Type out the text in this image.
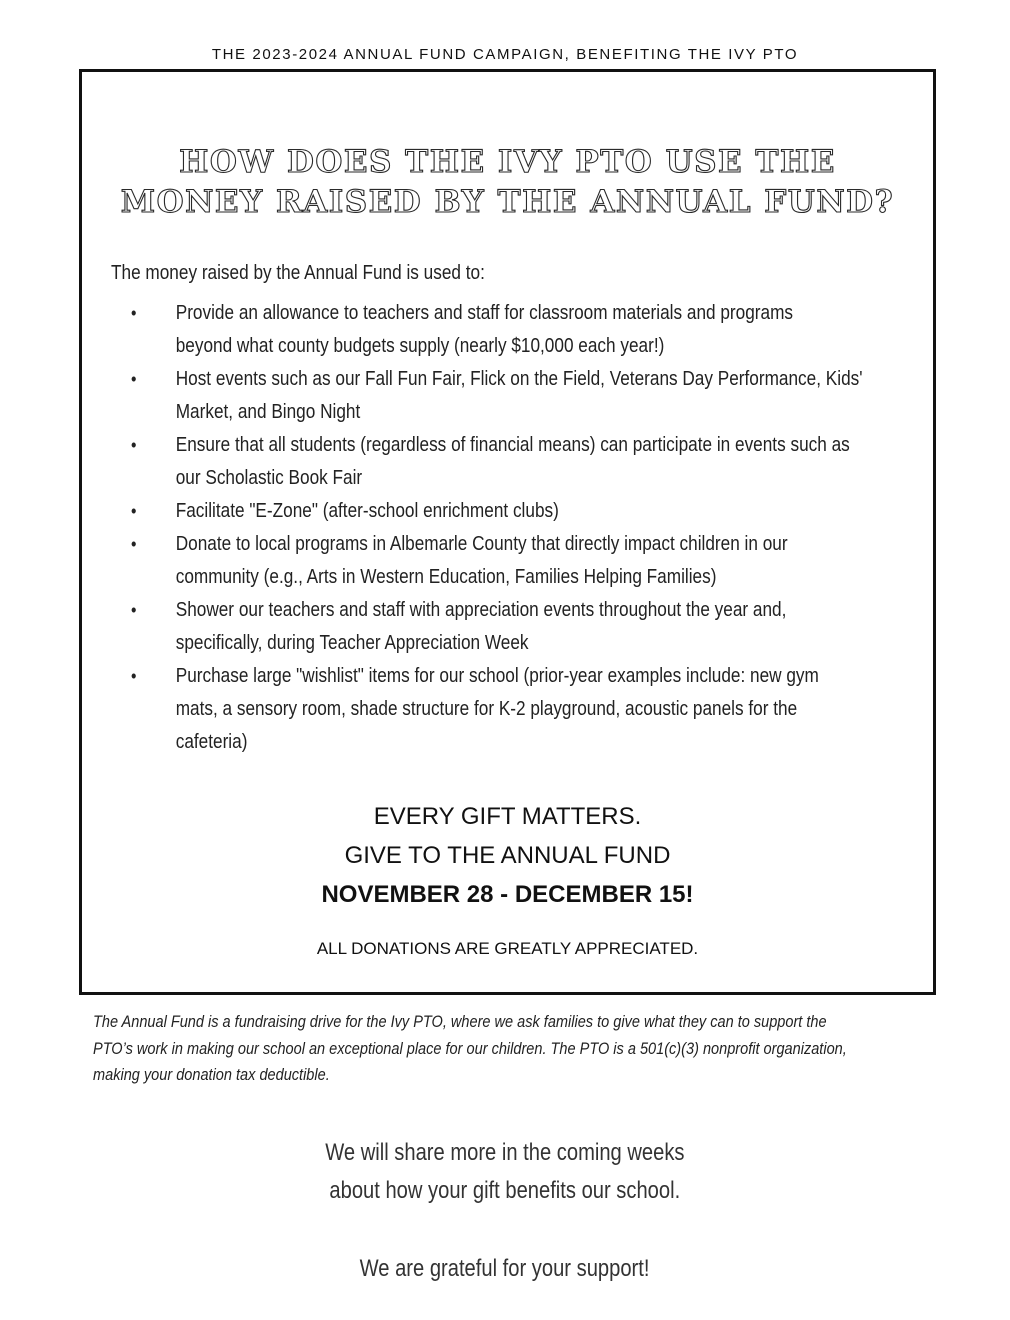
THE 2023-2024 ANNUAL FUND CAMPAIGN, BENEFITING THE IVY PTO
HOW DOES THE IVY PTO USE THE
MONEY RAISED BY THE ANNUAL FUND?
The money raised by the Annual Fund is used to:
• Provide an allowance to teachers and staff for classroom materials and programs
beyond what county budgets supply (nearly $10,000 each year!)
• Host events such as our Fall Fun Fair, Flick on the Field, Veterans Day Performance, Kids'
Market, and Bingo Night
• Ensure that all students (regardless of financial means) can participate in events such as
our Scholastic Book Fair
• Facilitate "E-Zone" (after-school enrichment clubs)
• Donate to local programs in Albemarle County that directly impact children in our
community (e.g., Arts in Western Education, Families Helping Families)
• Shower our teachers and staff with appreciation events throughout the year and,
specifically, during Teacher Appreciation Week
• Purchase large "wishlist" items for our school (prior-year examples include: new gym
mats, a sensory room, shade structure for K-2 playground, acoustic panels for the
cafeteria)
EVERY GIFT MATTERS.
GIVE TO THE ANNUAL FUND
NOVEMBER 28 - DECEMBER 15!
ALL DONATIONS ARE GREATLY APPRECIATED.
The Annual Fund is a fundraising drive for the Ivy PTO, where we ask families to give what they can to support the
PTO’s work in making our school an exceptional place for our children. The PTO is a 501(c)(3) nonprofit organization,
making your donation tax deductible.
We will share more in the coming weeks
about how your gift benefits our school.
We are grateful for your support!
